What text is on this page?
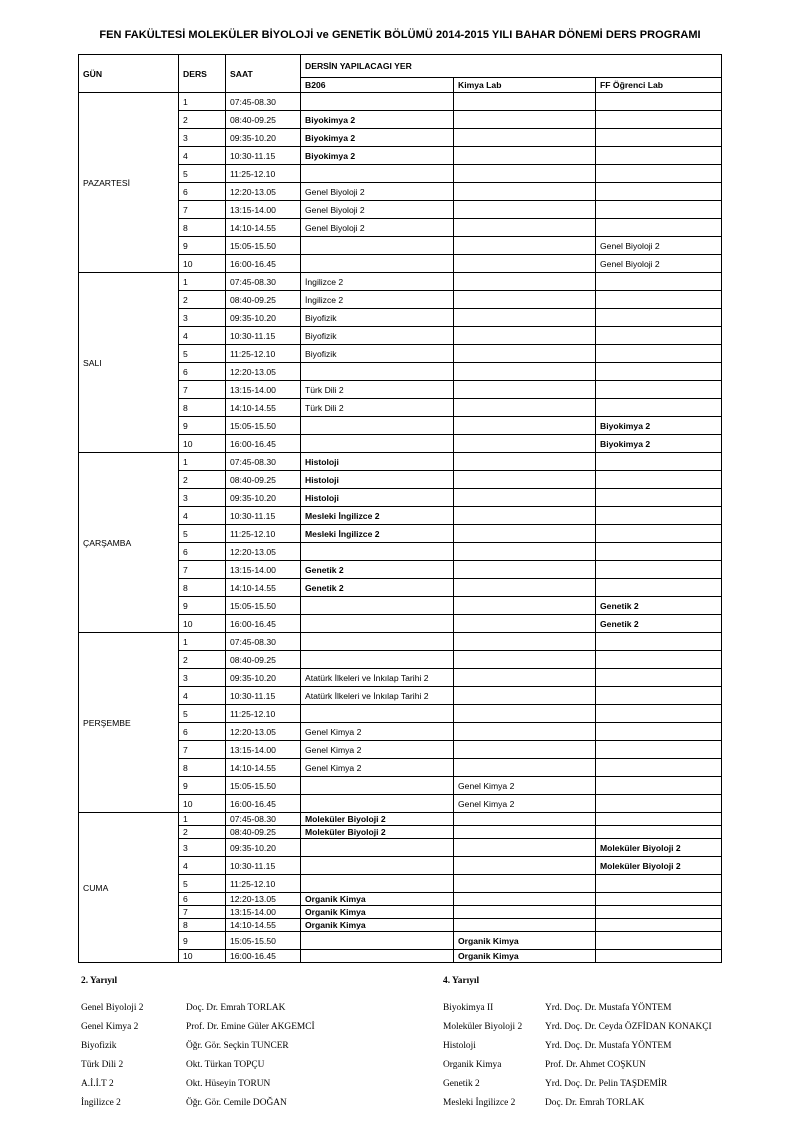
FEN FAKÜLTESİ MOLEKÜLER BİYOLOJİ ve GENETİK BÖLÜMÜ 2014-2015 YILI BAHAR DÖNEMİ DERS PROGRAMI
GÜN	DERS	SAAT	DERSİN YAPILACAGI YER		
			B206	Kimya Lab	FF Öğrenci Lab
PAZARTESİ	1	07:45-08.30			
	2	08:40-09.25	Biyokimya 2		
	3	09:35-10.20	Biyokimya 2		
	4	10:30-11.15	Biyokimya 2		
	5	11:25-12.10			
	6	12:20-13.05	Genel Biyoloji 2		
	7	13:15-14.00	Genel Biyoloji 2		
	8	14:10-14.55	Genel Biyoloji 2		
	9	15:05-15.50			Genel Biyoloji 2
	10	16:00-16.45			Genel Biyoloji 2
SALI	1	07:45-08.30	İngilizce 2		
	2	08:40-09.25	İngilizce 2		
	3	09:35-10.20	Biyofizik		
	4	10:30-11.15	Biyofizik		
	5	11:25-12.10	Biyofizik		
	6	12:20-13.05			
	7	13:15-14.00	Türk Dili 2		
	8	14:10-14.55	Türk Dili 2		
	9	15:05-15.50			Biyokimya 2
	10	16:00-16.45			Biyokimya 2
ÇARŞAMBA	1	07:45-08.30	Histoloji		
	2	08:40-09.25	Histoloji		
	3	09:35-10.20	Histoloji		
	4	10:30-11.15	Mesleki İngilizce 2		
	5	11:25-12.10	Mesleki İngilizce 2		
	6	12:20-13.05			
	7	13:15-14.00	Genetik 2		
	8	14:10-14.55	Genetik 2		
	9	15:05-15.50			Genetik 2
	10	16:00-16.45			Genetik 2
PERŞEMBE	1	07:45-08.30			
	2	08:40-09.25			
	3	09:35-10.20	Atatürk İlkeleri ve İnkılap Tarihi 2		
	4	10:30-11.15	Atatürk İlkeleri ve İnkılap Tarihi 2		
	5	11:25-12.10			
	6	12:20-13.05	Genel Kimya 2		
	7	13:15-14.00	Genel Kimya 2		
	8	14:10-14.55	Genel Kimya 2		
	9	15:05-15.50		Genel Kimya 2	
	10	16:00-16.45		Genel Kimya 2	
CUMA	1	07:45-08.30	Moleküler Biyoloji 2		
	2	08:40-09.25	Moleküler Biyoloji 2		
	3	09:35-10.20			Moleküler Biyoloji 2
	4	10:30-11.15			Moleküler Biyoloji 2
	5	11:25-12.10			
	6	12:20-13.05	Organik Kimya		
	7	13:15-14.00	Organik Kimya		
	8	14:10-14.55	Organik Kimya		
	9	15:05-15.50		Organik Kimya	
	10	16:00-16.45		Organik Kimya	
2. Yarıyıl
Genel Biyoloji 2	Doç. Dr. Emrah TORLAK
Genel Kimya 2	Prof. Dr. Emine Güler AKGEMCİ
Biyofizik	Öğr. Gör. Seçkin TUNCER
Türk Dili 2	Okt. Türkan TOPÇU
A.İ.İ.T 2	Okt. Hüseyin TORUN
İngilizce 2	Öğr. Gör. Cemile DOĞAN
4. Yarıyıl
Biyokimya II	Yrd. Doç. Dr. Mustafa YÖNTEM
Moleküler Biyoloji 2	Yrd. Doç. Dr. Ceyda ÖZFİDAN KONAKÇI
Histoloji	Yrd. Doç. Dr. Mustafa YÖNTEM
Organik Kimya	Prof. Dr. Ahmet COŞKUN
Genetik 2	Yrd. Doç. Dr. Pelin TAŞDEMİR
Mesleki İngilizce 2	Doç. Dr. Emrah TORLAK
